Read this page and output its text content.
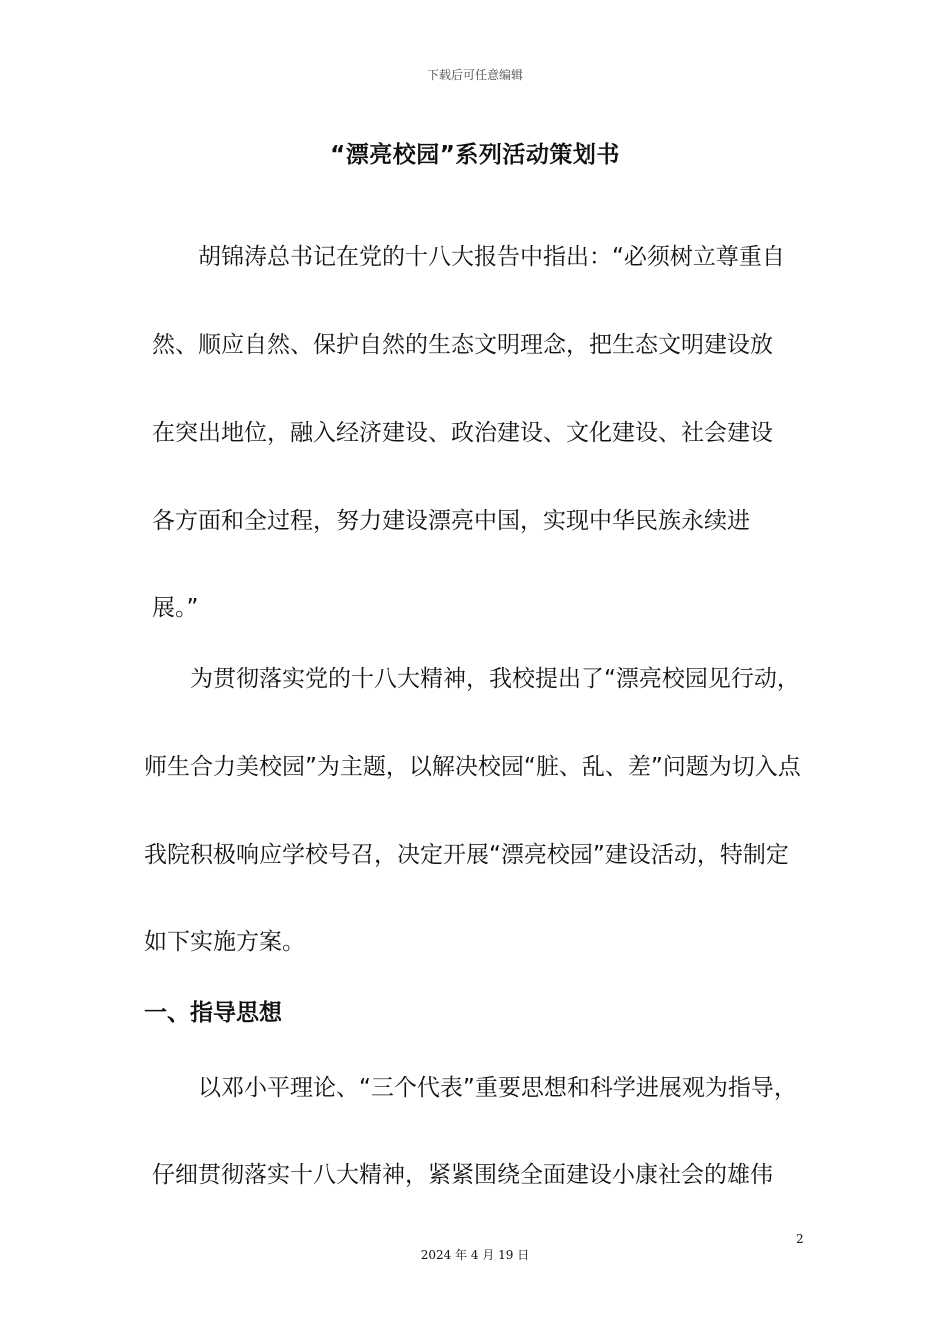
下载后可任意编辑
“漂亮校园”系列活动策划书
胡锦涛总书记在党的十八大报告中指出：“必须树立尊重自
然、顺应自然、保护自然的生态文明理念，把生态文明建设放
在突出地位，融入经济建设、政治建设、文化建设、社会建设
各方面和全过程，努力建设漂亮中国，实现中华民族永续进
展。”
为贯彻落实党的十八大精神，我校提出了“漂亮校园见行动，
师生合力美校园”为主题，以解决校园“脏、乱、差”问题为切入点
我院积极响应学校号召，决定开展“漂亮校园”建设活动，特制定
如下实施方案。
一、指导思想
以邓小平理论、“三个代表”重要思想和科学进展观为指导，
仔细贯彻落实十八大精神，紧紧围绕全面建设小康社会的雄伟
2
2024 年 4 月 19 日
